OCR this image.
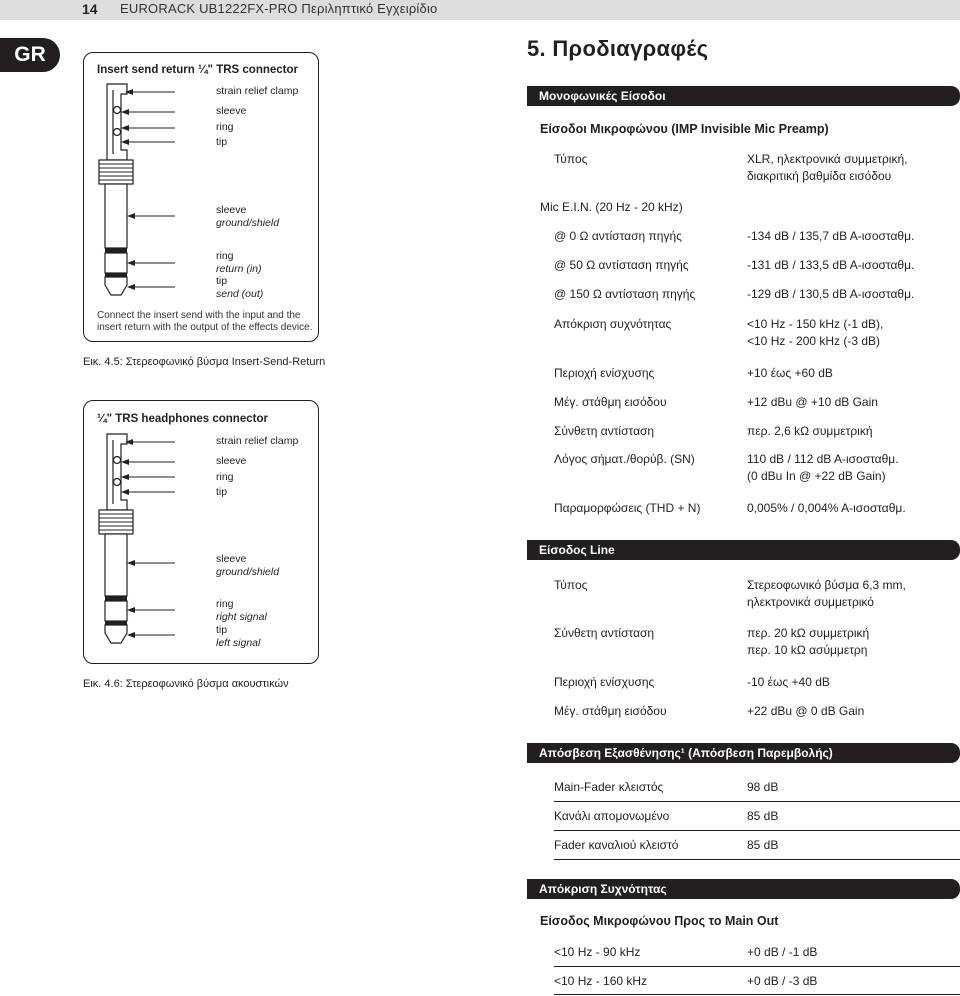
14 EURORACK UB1222FX-PRO Περιληπτικό Εγχειρίδιο
GR
Insert send return ¼" TRS connector
strain relief clamp
sleeve
ring
tip
sleeve
ground/shield
ring
return (in)
tip
send (out)
Connect the insert send with the input and the
insert return with the output of the effects device.
Εικ. 4.5: Στερεοφωνικό βύσμα Insert-Send-Return
¼" TRS headphones connector
strain relief clamp
sleeve
ring
tip
sleeve
ground/shield
ring
right signal
tip
left signal
Εικ. 4.6: Στερεοφωνικό βύσμα ακουστικών
5. Προδιαγραφές
Μονοφωνικές Είσοδοι
Είσοδοι Μικροφώνου (IMP Invisible Mic Preamp)
Τύπος	XLR, ηλεκτρονικά συμμετρική,
διακριτική βαθμίδα εισόδου
Mic E.I.N. (20 Hz - 20 kHz)
@ 0 Ω αντίσταση πηγής	-134 dB / 135,7 dB A-ισοσταθμ.
@ 50 Ω αντίσταση πηγής	-131 dB / 133,5 dB A-ισοσταθμ.
@ 150 Ω αντίσταση πηγής	-129 dB / 130,5 dB A-ισοσταθμ.
Απόκριση συχνότητας	<10 Hz - 150 kHz (-1 dB),
<10 Hz - 200 kHz (-3 dB)
Περιοχή ενίσχυσης	+10 έως +60 dB
Μέγ. στάθμη εισόδου	+12 dBu @ +10 dB Gain
Σύνθετη αντίσταση	περ. 2,6 kΩ συμμετρική
Λόγος σήματ./θορύβ. (SN)	110 dB / 112 dB A-ισοσταθμ.
(0 dBu In @ +22 dB Gain)
Παραμορφώσεις (THD + N)	0,005% / 0,004% A-ισοσταθμ.
Είσοδος Line
Τύπος	Στερεοφωνικό βύσμα 6,3 mm,
ηλεκτρονικά συμμετρικό
Σύνθετη αντίσταση	περ. 20 kΩ συμμετρική
περ. 10 kΩ ασύμμετρη
Περιοχή ενίσχυσης	-10 έως +40 dB
Μέγ. στάθμη εισόδου	+22 dBu @ 0 dB Gain
Απόσβεση Εξασθένησης¹ (Απόσβεση Παρεμβολής)
Main-Fader κλειστός	98 dB
Κανάλι απομονωμένο	85 dB
Fader καναλιού κλειστό	85 dB
Απόκριση Συχνότητας
Είσοδος Μικροφώνου Προς το Main Out
<10 Hz - 90 kHz	+0 dB / -1 dB
<10 Hz - 160 kHz	+0 dB / -3 dB
